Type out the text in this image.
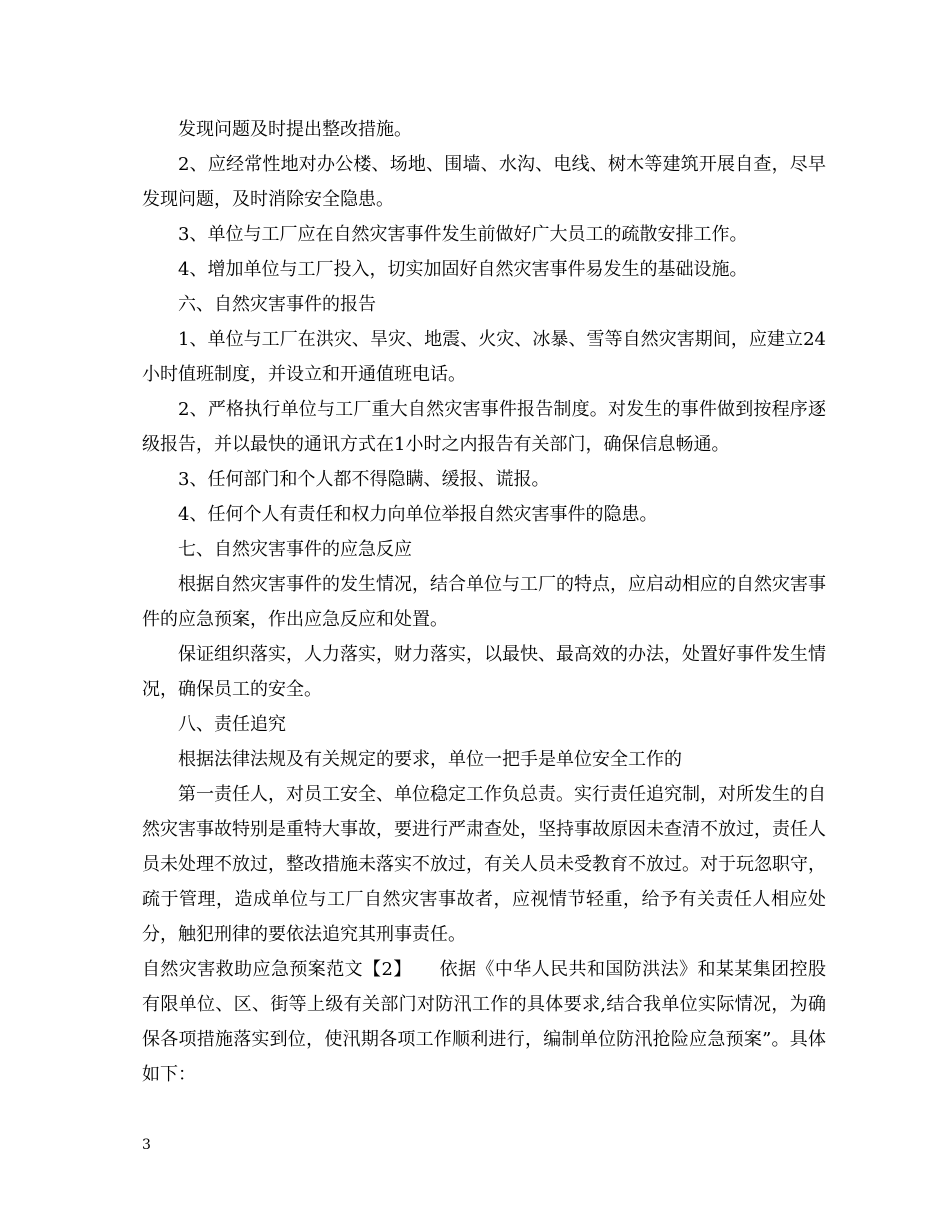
发现问题及时提出整改措施。

2、应经常性地对办公楼、场地、围墙、水沟、电线、树木等建筑开展自查，尽早发现问题，及时消除安全隐患。

3、单位与工厂应在自然灾害事件发生前做好广大员工的疏散安排工作。

4、增加单位与工厂投入，切实加固好自然灾害事件易发生的基础设施。

六、自然灾害事件的报告

1、单位与工厂在洪灾、旱灾、地震、火灾、冰暴、雪等自然灾害期间，应建立24小时值班制度，并设立和开通值班电话。

2、严格执行单位与工厂重大自然灾害事件报告制度。对发生的事件做到按程序逐级报告，并以最快的通讯方式在1小时之内报告有关部门，确保信息畅通。

3、任何部门和个人都不得隐瞒、缓报、谎报。

4、任何个人有责任和权力向单位举报自然灾害事件的隐患。

七、自然灾害事件的应急反应

根据自然灾害事件的发生情况，结合单位与工厂的特点，应启动相应的自然灾害事件的应急预案，作出应急反应和处置。

保证组织落实，人力落实，财力落实，以最快、最高效的办法，处置好事件发生情况，确保员工的安全。

八、责任追究

根据法律法规及有关规定的要求，单位一把手是单位安全工作的

第一责任人，对员工安全、单位稳定工作负总责。实行责任追究制，对所发生的自然灾害事故特别是重特大事故，要进行严肃查处，坚持事故原因未查清不放过，责任人员未处理不放过，整改措施未落实不放过，有关人员未受教育不放过。对于玩忽职守，疏于管理，造成单位与工厂自然灾害事故者，应视情节轻重，给予有关责任人相应处分，触犯刑律的要依法追究其刑事责任。

自然灾害救助应急预案范文【2】　　依据《中华人民共和国防洪法》和某某集团控股有限单位、区、街等上级有关部门对防汛工作的具体要求,结合我单位实际情况，为确保各项措施落实到位，使汛期各项工作顺利进行，编制单位防汛抢险应急预案”。具体如下：

3
